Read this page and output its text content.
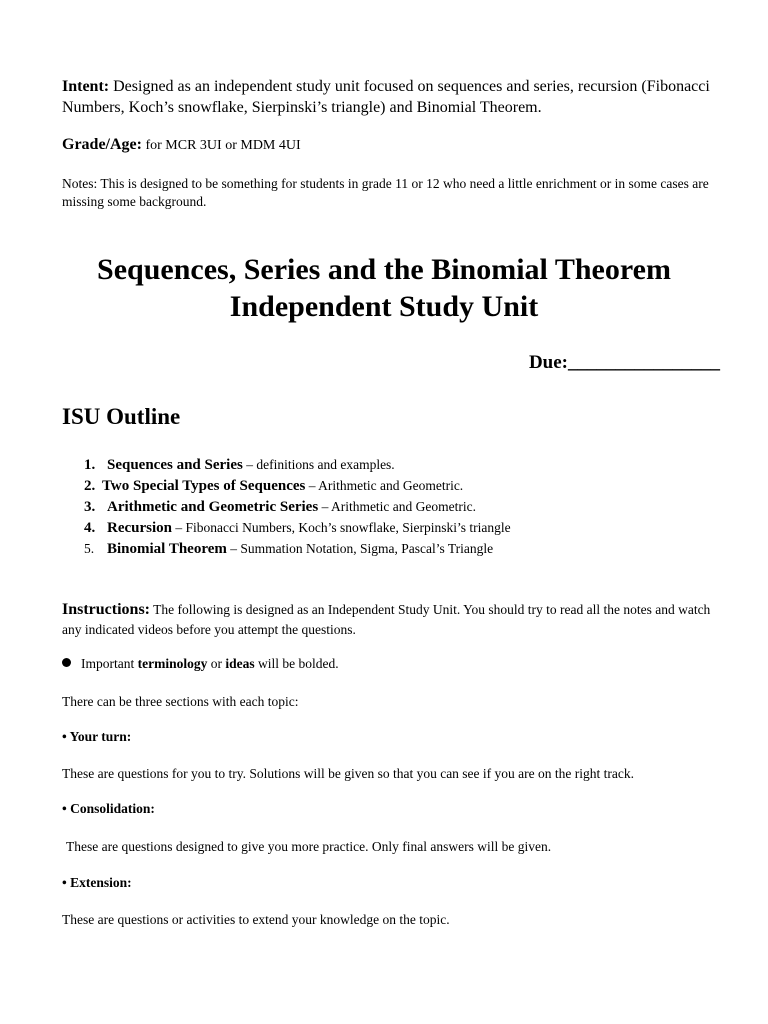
Intent: Designed as an independent study unit focused on sequences and series, recursion (Fibonacci Numbers, Koch’s snowflake, Sierpinski’s triangle) and Binomial Theorem.
Grade/Age: for MCR 3UI or MDM 4UI
Notes: This is designed to be something for students in grade 11 or 12 who need a little enrichment or in some cases are missing some background.
Sequences, Series and the Binomial Theorem
Independent Study Unit
Due:________________
ISU Outline
1. Sequences and Series – definitions and examples.
2. Two Special Types of Sequences – Arithmetic and Geometric.
3. Arithmetic and Geometric Series – Arithmetic and Geometric.
4. Recursion – Fibonacci Numbers, Koch’s snowflake, Sierpinski’s triangle
5. Binomial Theorem – Summation Notation, Sigma, Pascal’s Triangle
Instructions: The following is designed as an Independent Study Unit. You should try to read all the notes and watch any indicated videos before you attempt the questions.
Important terminology or ideas will be bolded.
There can be three sections with each topic:
• Your turn:
These are questions for you to try. Solutions will be given so that you can see if you are on the right track.
• Consolidation:
These are questions designed to give you more practice. Only final answers will be given.
• Extension:
These are questions or activities to extend your knowledge on the topic.
